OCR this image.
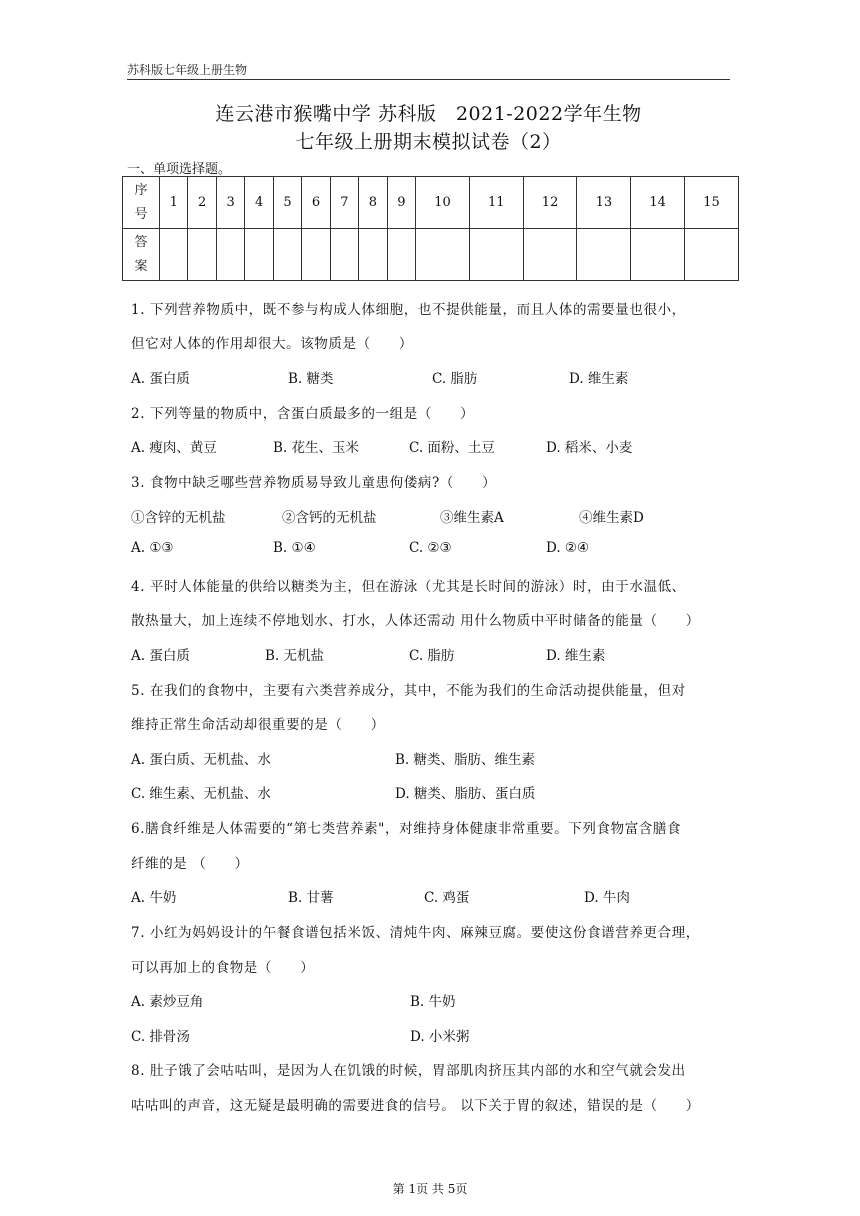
苏科版七年级上册生物
连云港市猴嘴中学 苏科版　2021-2022学年生物
七年级上册期末模拟试卷（2）
一、单项选择题。
序
号	1	2	3	4	5	6	7	8	9	10	11	12	13	14	15
答
案															
1. 下列营养物质中，既不参与构成人体细胞，也不提供能量，而且人体的需要量也很小，
但它对人体的作用却很大。该物质是（　　）
A. 蛋白质	B. 糖类	C. 脂肪	D. 维生素
2. 下列等量的物质中，含蛋白质最多的一组是（　　）
A. 瘦肉、黄豆	B. 花生、玉米	C. 面粉、土豆	D. 稻米、小麦
3. 食物中缺乏哪些营养物质易导致儿童患佝偻病?（　　）
①含锌的无机盐	②含钙的无机盐	③维生素A	④维生素D
A. ①③	B. ①④	C. ②③	D. ②④
4. 平时人体能量的供给以糖类为主，但在游泳（尤其是长时间的游泳）时，由于水温低、
散热量大，加上连续不停地划水、打水，人体还需动 用什么物质中平时储备的能量（　　）
A. 蛋白质	B. 无机盐	C. 脂肪	D. 维生素
5. 在我们的食物中，主要有六类营养成分，其中，不能为我们的生命活动提供能量，但对
维持正常生命活动却很重要的是（　　）
A. 蛋白质、无机盐、水	B. 糖类、脂肪、维生素
C. 维生素、无机盐、水	D. 糖类、脂肪、蛋白质
6.膳食纤维是人体需要的“第七类营养素"，对维持身体健康非常重要。下列食物富含膳食
纤维的是 （　　）
A. 牛奶	B. 甘薯	C. 鸡蛋	D. 牛肉
7. 小红为妈妈设计的午餐食谱包括米饭、清炖牛肉、麻辣豆腐。要使这份食谱营养更合理，
可以再加上的食物是（　　）
A. 素炒豆角	B. 牛奶
C. 排骨汤	D. 小米粥
8. 肚子饿了会咕咕叫，是因为人在饥饿的时候，胃部肌肉挤压其内部的水和空气就会发出
咕咕叫的声音，这无疑是最明确的需要进食的信号。 以下关于胃的叙述，错误的是（　　）
第 1页 共 5页
